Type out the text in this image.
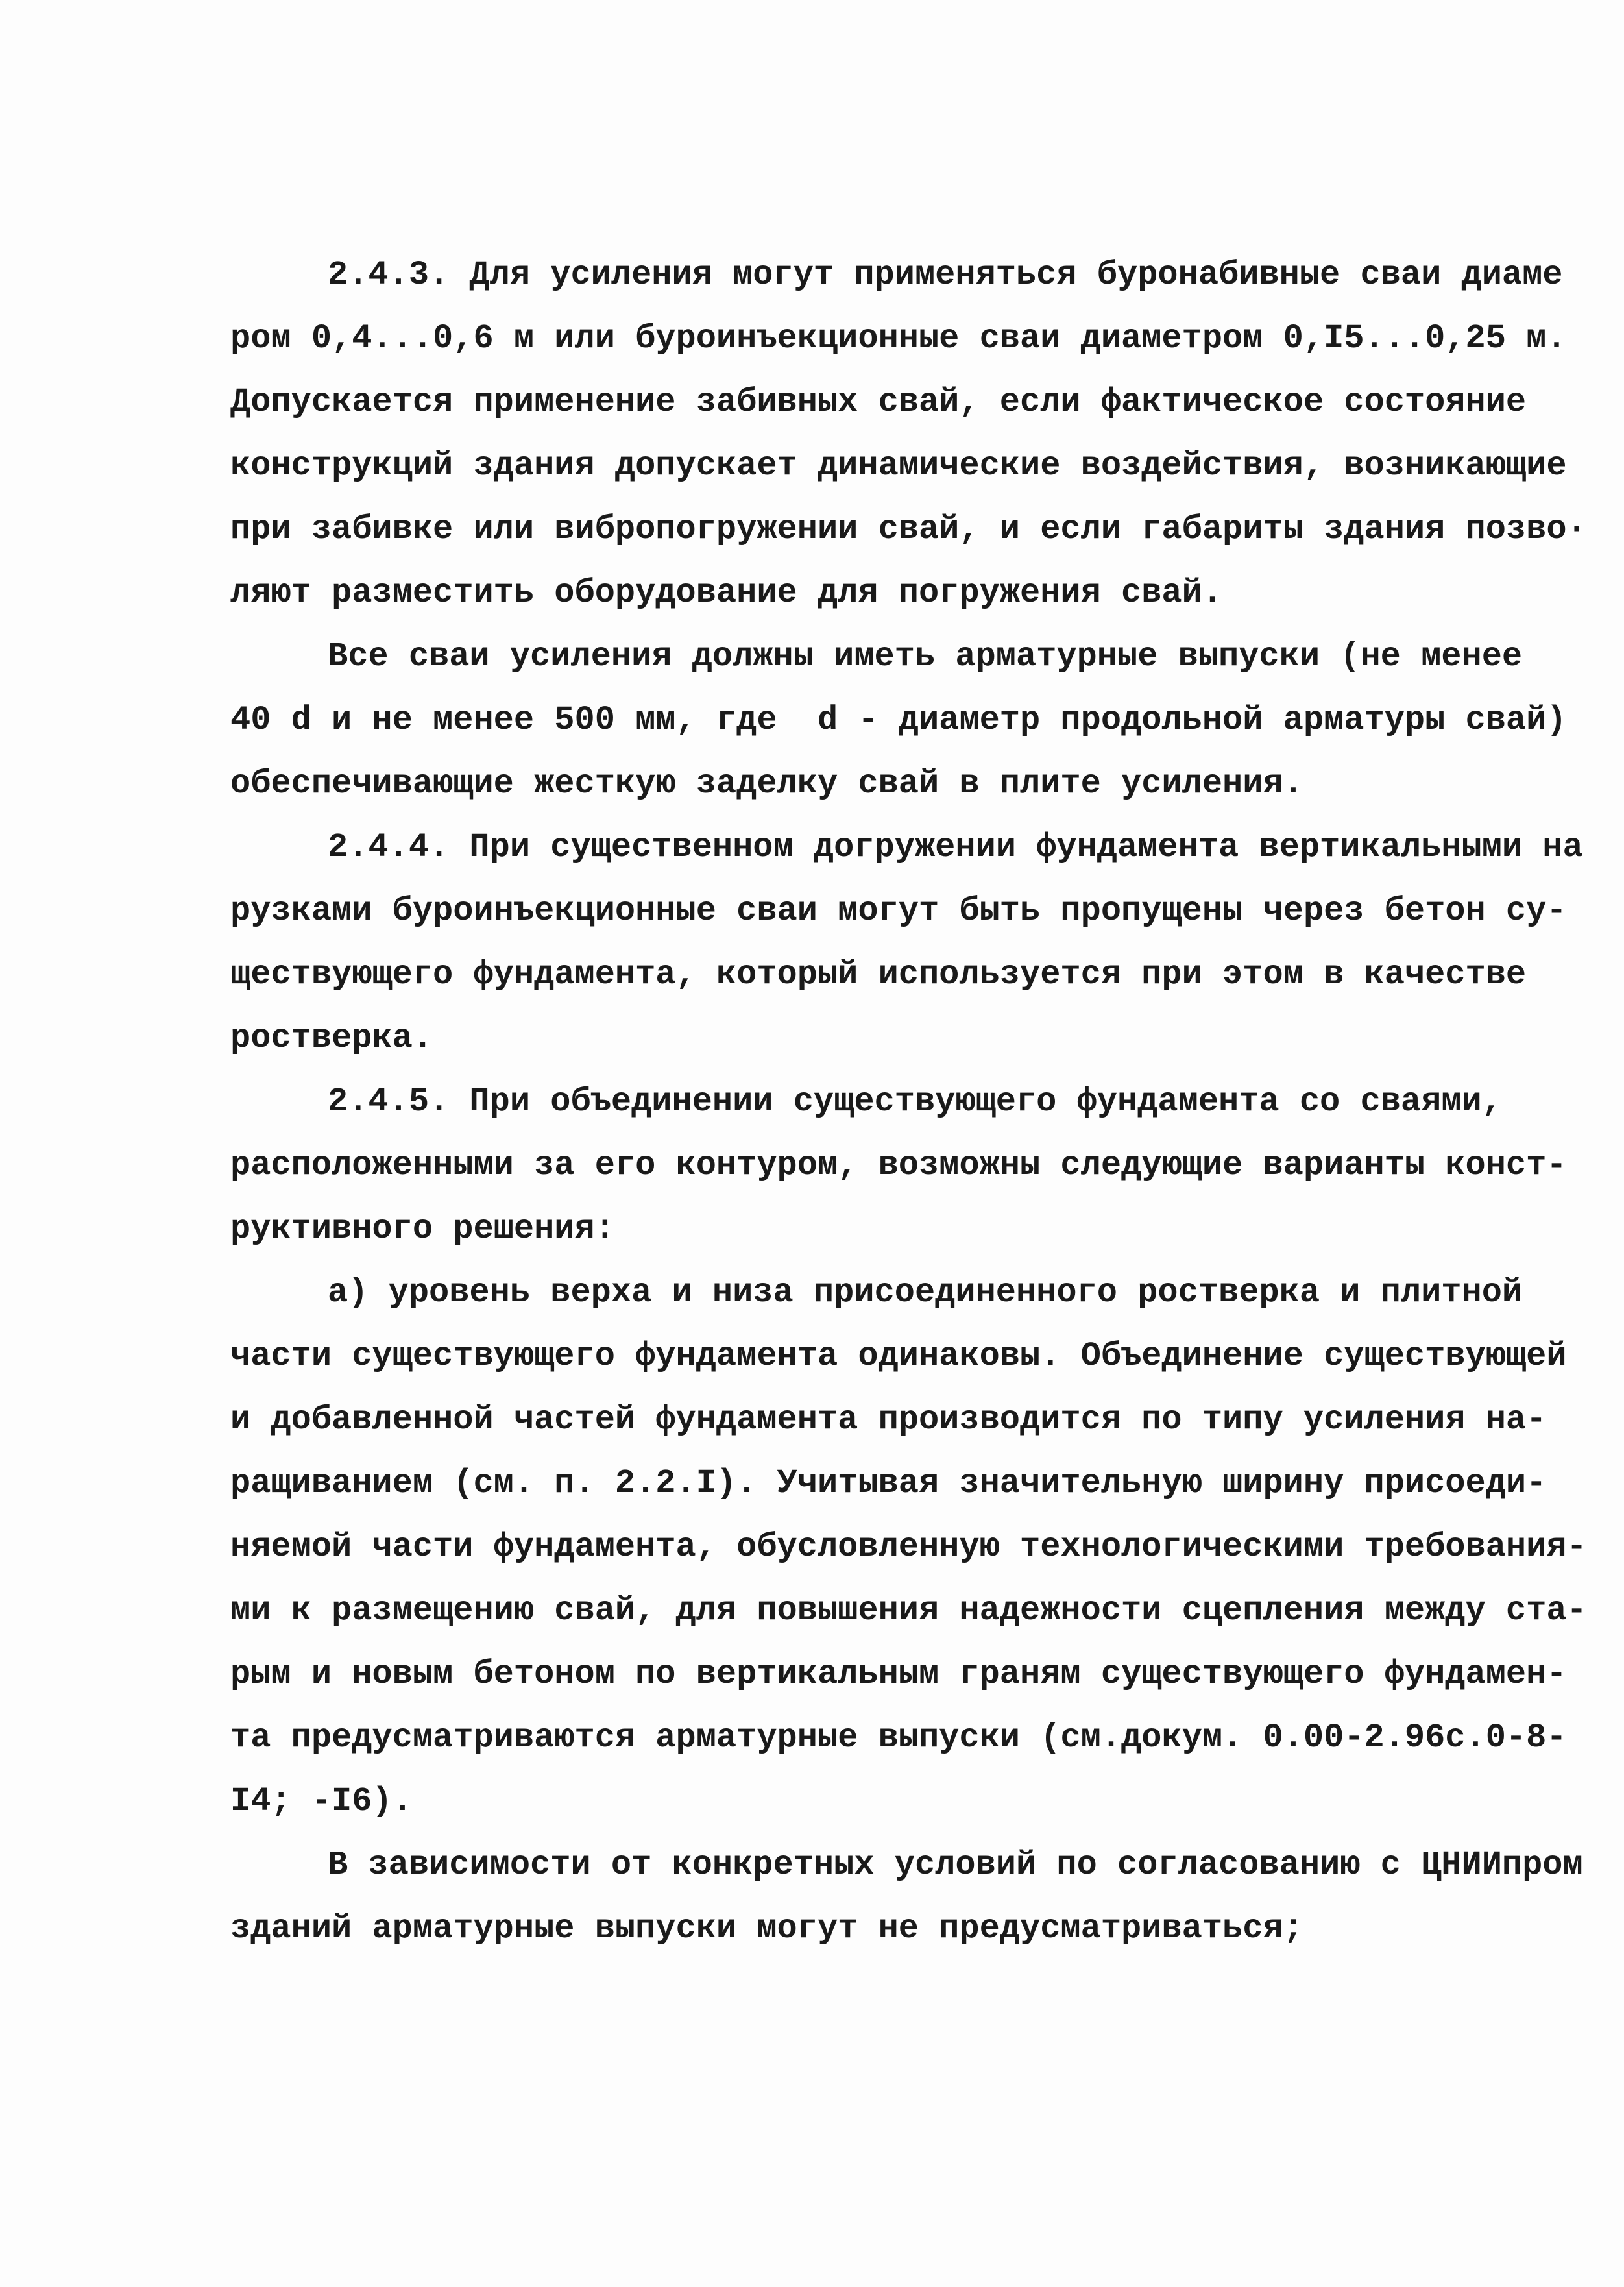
2.4.3. Для усиления могут применяться буронабивные сваи диаме
ром 0,4...0,6 м или буроинъекционные сваи диаметром 0,I5...0,25 м.
Допускается применение забивных свай, если фактическое состояние
конструкций здания допускает динамические воздействия, возникающие
при забивке или вибропогружении свай, и если габариты здания позво·
ляют разместить оборудование для погружения свай.
Все сваи усиления должны иметь арматурные выпуски (не менее
40 d и не менее 500 мм, где  d - диаметр продольной арматуры свай)
обеспечивающие жесткую заделку свай в плите усиления.
2.4.4. При существенном догружении фундамента вертикальными на
рузками буроинъекционные сваи могут быть пропущены через бетон су-
ществующего фундамента, который используется при этом в качестве
ростверка.
2.4.5. При объединении существующего фундамента со сваями,
расположенными за его контуром, возможны следующие варианты конст-
руктивного решения:
а) уровень верха и низа присоединенного ростверка и плитной
части существующего фундамента одинаковы. Объединение существующей
и добавленной частей фундамента производится по типу усиления на-
ращиванием (см. п. 2.2.I). Учитывая значительную ширину присоеди-
няемой части фундамента, обусловленную технологическими требования-
ми к размещению свай, для повышения надежности сцепления между ста-
рым и новым бетоном по вертикальным граням существующего фундамен-
та предусматриваются арматурные выпуски (см.докум. 0.00-2.96с.0-8-
I4; -I6).
В зависимости от конкретных условий по согласованию с ЦНИИпром
зданий арматурные выпуски могут не предусматриваться;
